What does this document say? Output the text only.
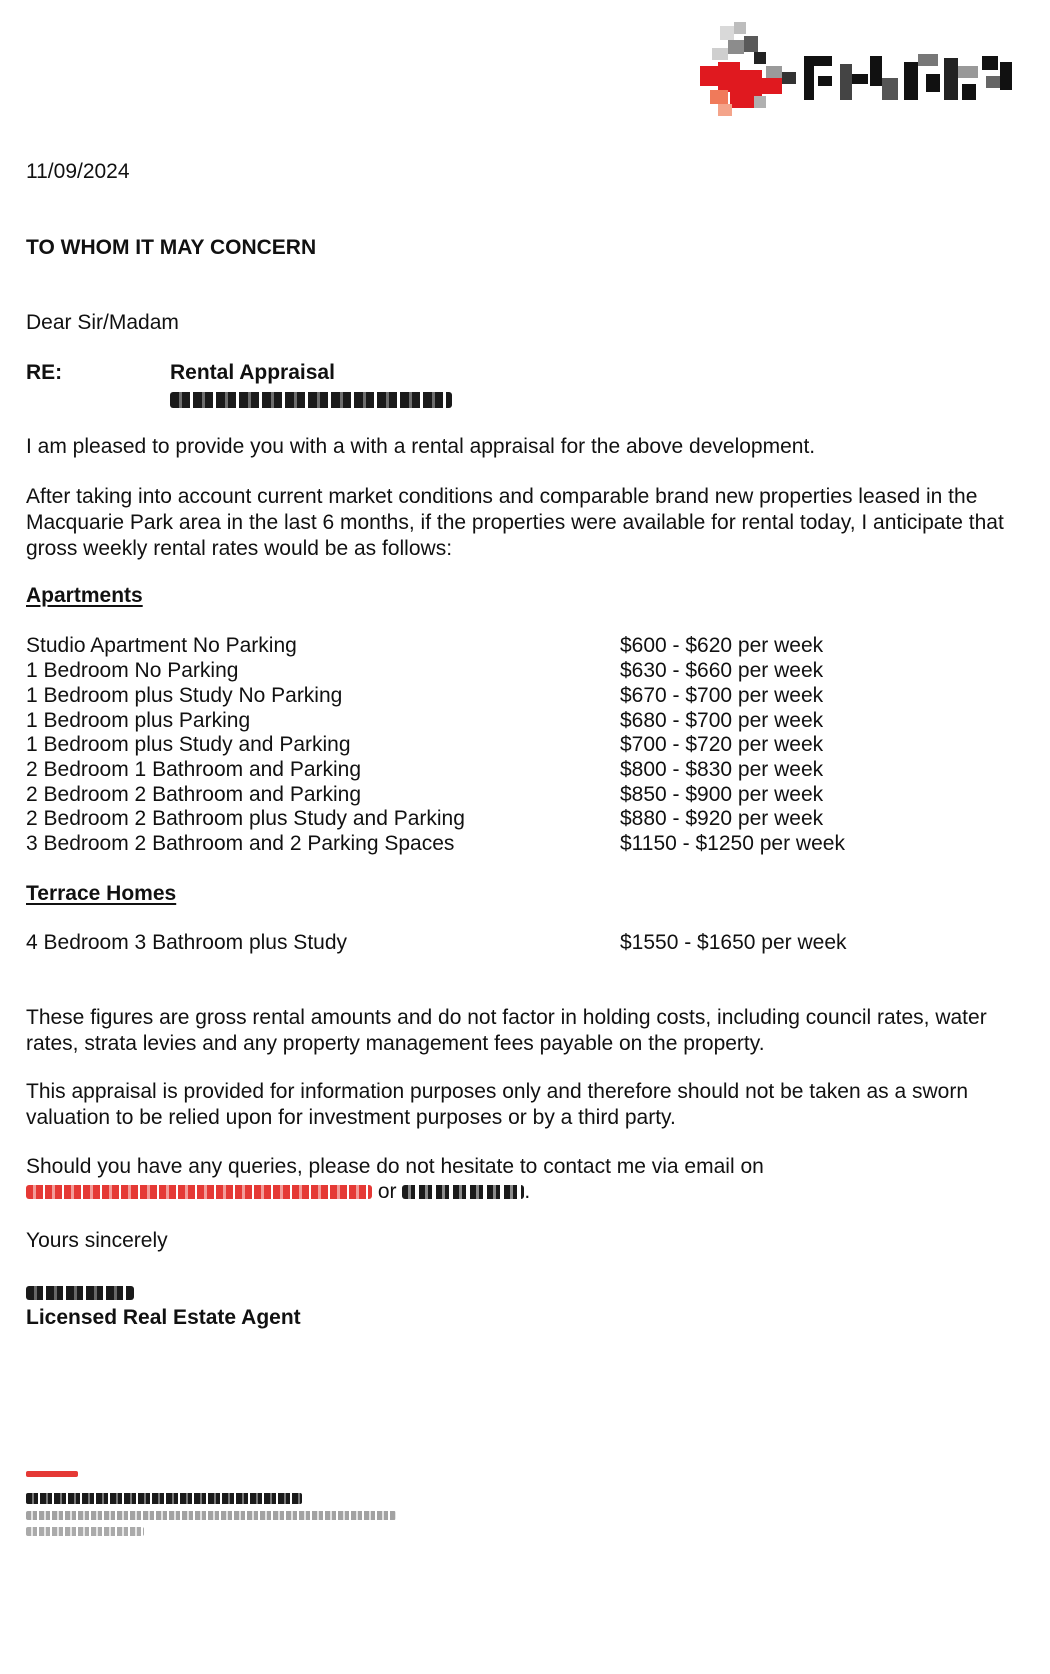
11/09/2024
TO WHOM IT MAY CONCERN
Dear Sir/Madam
RE:	Rental Appraisal
I am pleased to provide you with a with a rental appraisal for the above development.
After taking into account current market conditions and comparable brand new properties leased in the Macquarie Park area in the last 6 months, if the properties were available for rental today, I anticipate that gross weekly rental rates would be as follows:
Apartments
Studio Apartment No Parking	$600 - $620 per week
1 Bedroom No Parking	$630 - $660 per week
1 Bedroom plus Study No Parking	$670 - $700 per week
1 Bedroom plus Parking	$680 - $700 per week
1 Bedroom plus Study and Parking	$700 - $720 per week
2 Bedroom 1 Bathroom and Parking	$800 - $830 per week
2 Bedroom 2 Bathroom and Parking	$850 - $900 per week
2 Bedroom 2 Bathroom plus Study and Parking	$880 - $920 per week
3 Bedroom 2 Bathroom and 2 Parking Spaces	$1150 - $1250 per week
Terrace Homes
4 Bedroom 3 Bathroom plus Study	$1550 - $1650 per week
These figures are gross rental amounts and do not factor in holding costs, including council rates, water rates, strata levies and any property management fees payable on the property.
This appraisal is provided for information purposes only and therefore should not be taken as a sworn valuation to be relied upon for investment purposes or by a third party.
Should you have any queries, please do not hesitate to contact me via email on
or	.
Yours sincerely
Licensed Real Estate Agent
